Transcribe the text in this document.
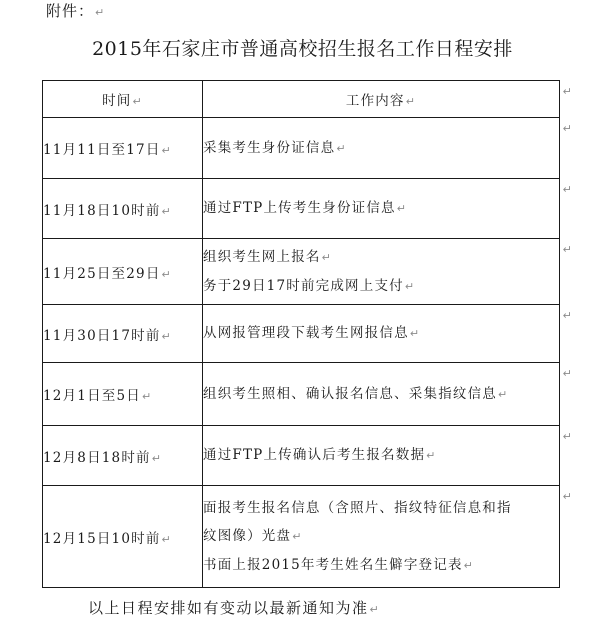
附件：↵
2015年石家庄市普通高校招生报名工作日程安排
时间↵	工作内容↵
↵

11月11日至17日↵	采集考生身份证信息↵
↵

11月18日10时前↵	通过FTP上传考生身份证信息↵
↵

11月25日至29日↵	组织考生网上报名↵
务于29日17时前完成网上支付↵
↵

11月30日17时前↵	从网报管理段下载考生网报信息↵
↵

12月1日至5日↵	组织考生照相、确认报名信息、采集指纹信息↵
↵

12月8日18时前↵	通过FTP上传确认后考生报名数据↵
↵

12月15日10时前↵	面报考生报名信息（含照片、指纹特征信息和指
纹图像）光盘↵
书面上报2015年考生姓名生僻字登记表↵
↵
以上日程安排如有变动以最新通知为准↵
